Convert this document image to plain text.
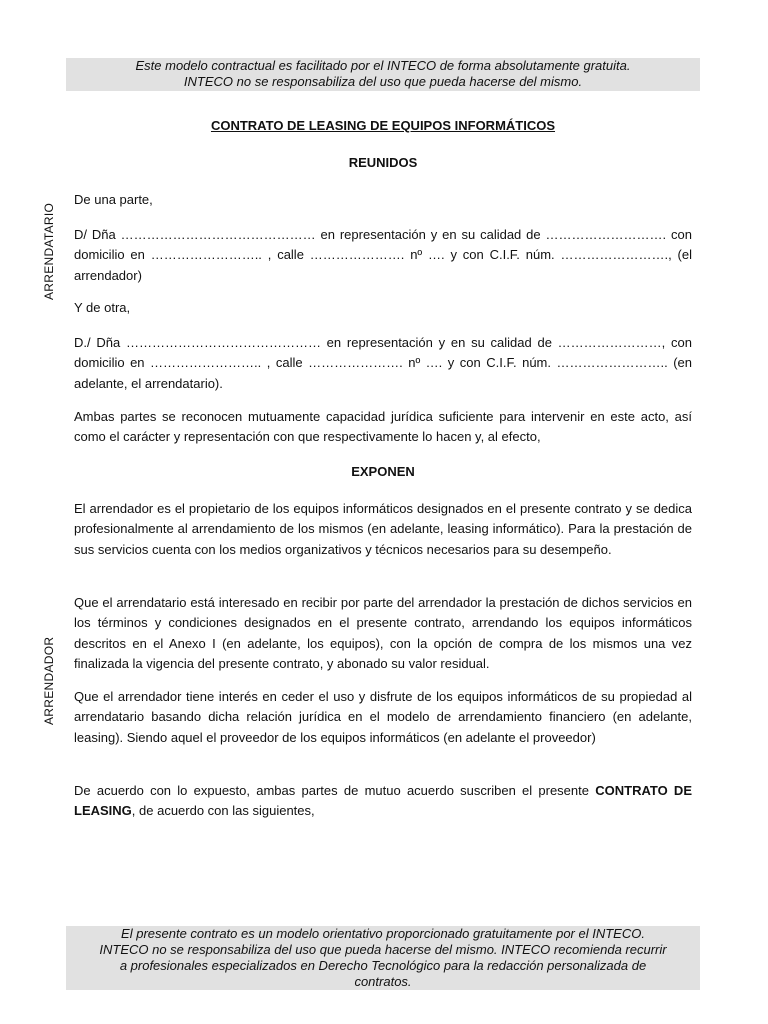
Este modelo contractual es facilitado por el INTECO de forma absolutamente gratuita.
INTECO no se responsabiliza del uso que pueda hacerse del mismo.
ARRENDATARIO
ARRENDADOR
CONTRATO DE LEASING DE EQUIPOS INFORMÁTICOS
REUNIDOS

De una parte,

D/ Dña ……………………………………… en representación y en su calidad de ………………………. con domicilio en …………………….. , calle …………………. nº …. y con C.I.F. núm. ……………………., (el arrendador)

Y de otra,

D./ Dña ……………………………………… en representación y en su calidad de ……………………, con domicilio en …………………….. , calle …………………. nº …. y con C.I.F. núm. …………………….. (en adelante, el arrendatario).

Ambas partes se reconocen mutuamente capacidad jurídica suficiente para intervenir en este acto, así como el carácter y representación con que respectivamente lo hacen y, al efecto,

EXPONEN

El arrendador es el propietario de los equipos informáticos designados en el presente contrato y se dedica profesionalmente al arrendamiento de los mismos (en adelante, leasing informático). Para la prestación de sus servicios cuenta con los medios organizativos y técnicos necesarios para su desempeño.

Que el arrendatario está interesado en recibir por parte del arrendador la prestación de dichos servicios en los términos y condiciones designados en el presente contrato, arrendando los equipos informáticos descritos en el Anexo I (en adelante, los equipos), con la opción de compra de los mismos una vez finalizada la vigencia del presente contrato, y abonado su valor residual.

Que el arrendador tiene interés en ceder el uso y disfrute de los equipos informáticos de su propiedad al arrendatario basando dicha relación jurídica en el modelo de arrendamiento financiero (en adelante, leasing). Siendo aquel el proveedor de los equipos informáticos (en adelante el proveedor)

De acuerdo con lo expuesto, ambas partes de mutuo acuerdo suscriben el presente CONTRATO DE LEASING, de acuerdo con las siguientes,

El presente contrato es un modelo orientativo proporcionado gratuitamente por el INTECO.
INTECO no se responsabiliza del uso que pueda hacerse del mismo. INTECO recomienda recurrir
a profesionales especializados en Derecho Tecnológico para la redacción personalizada de
contratos.
